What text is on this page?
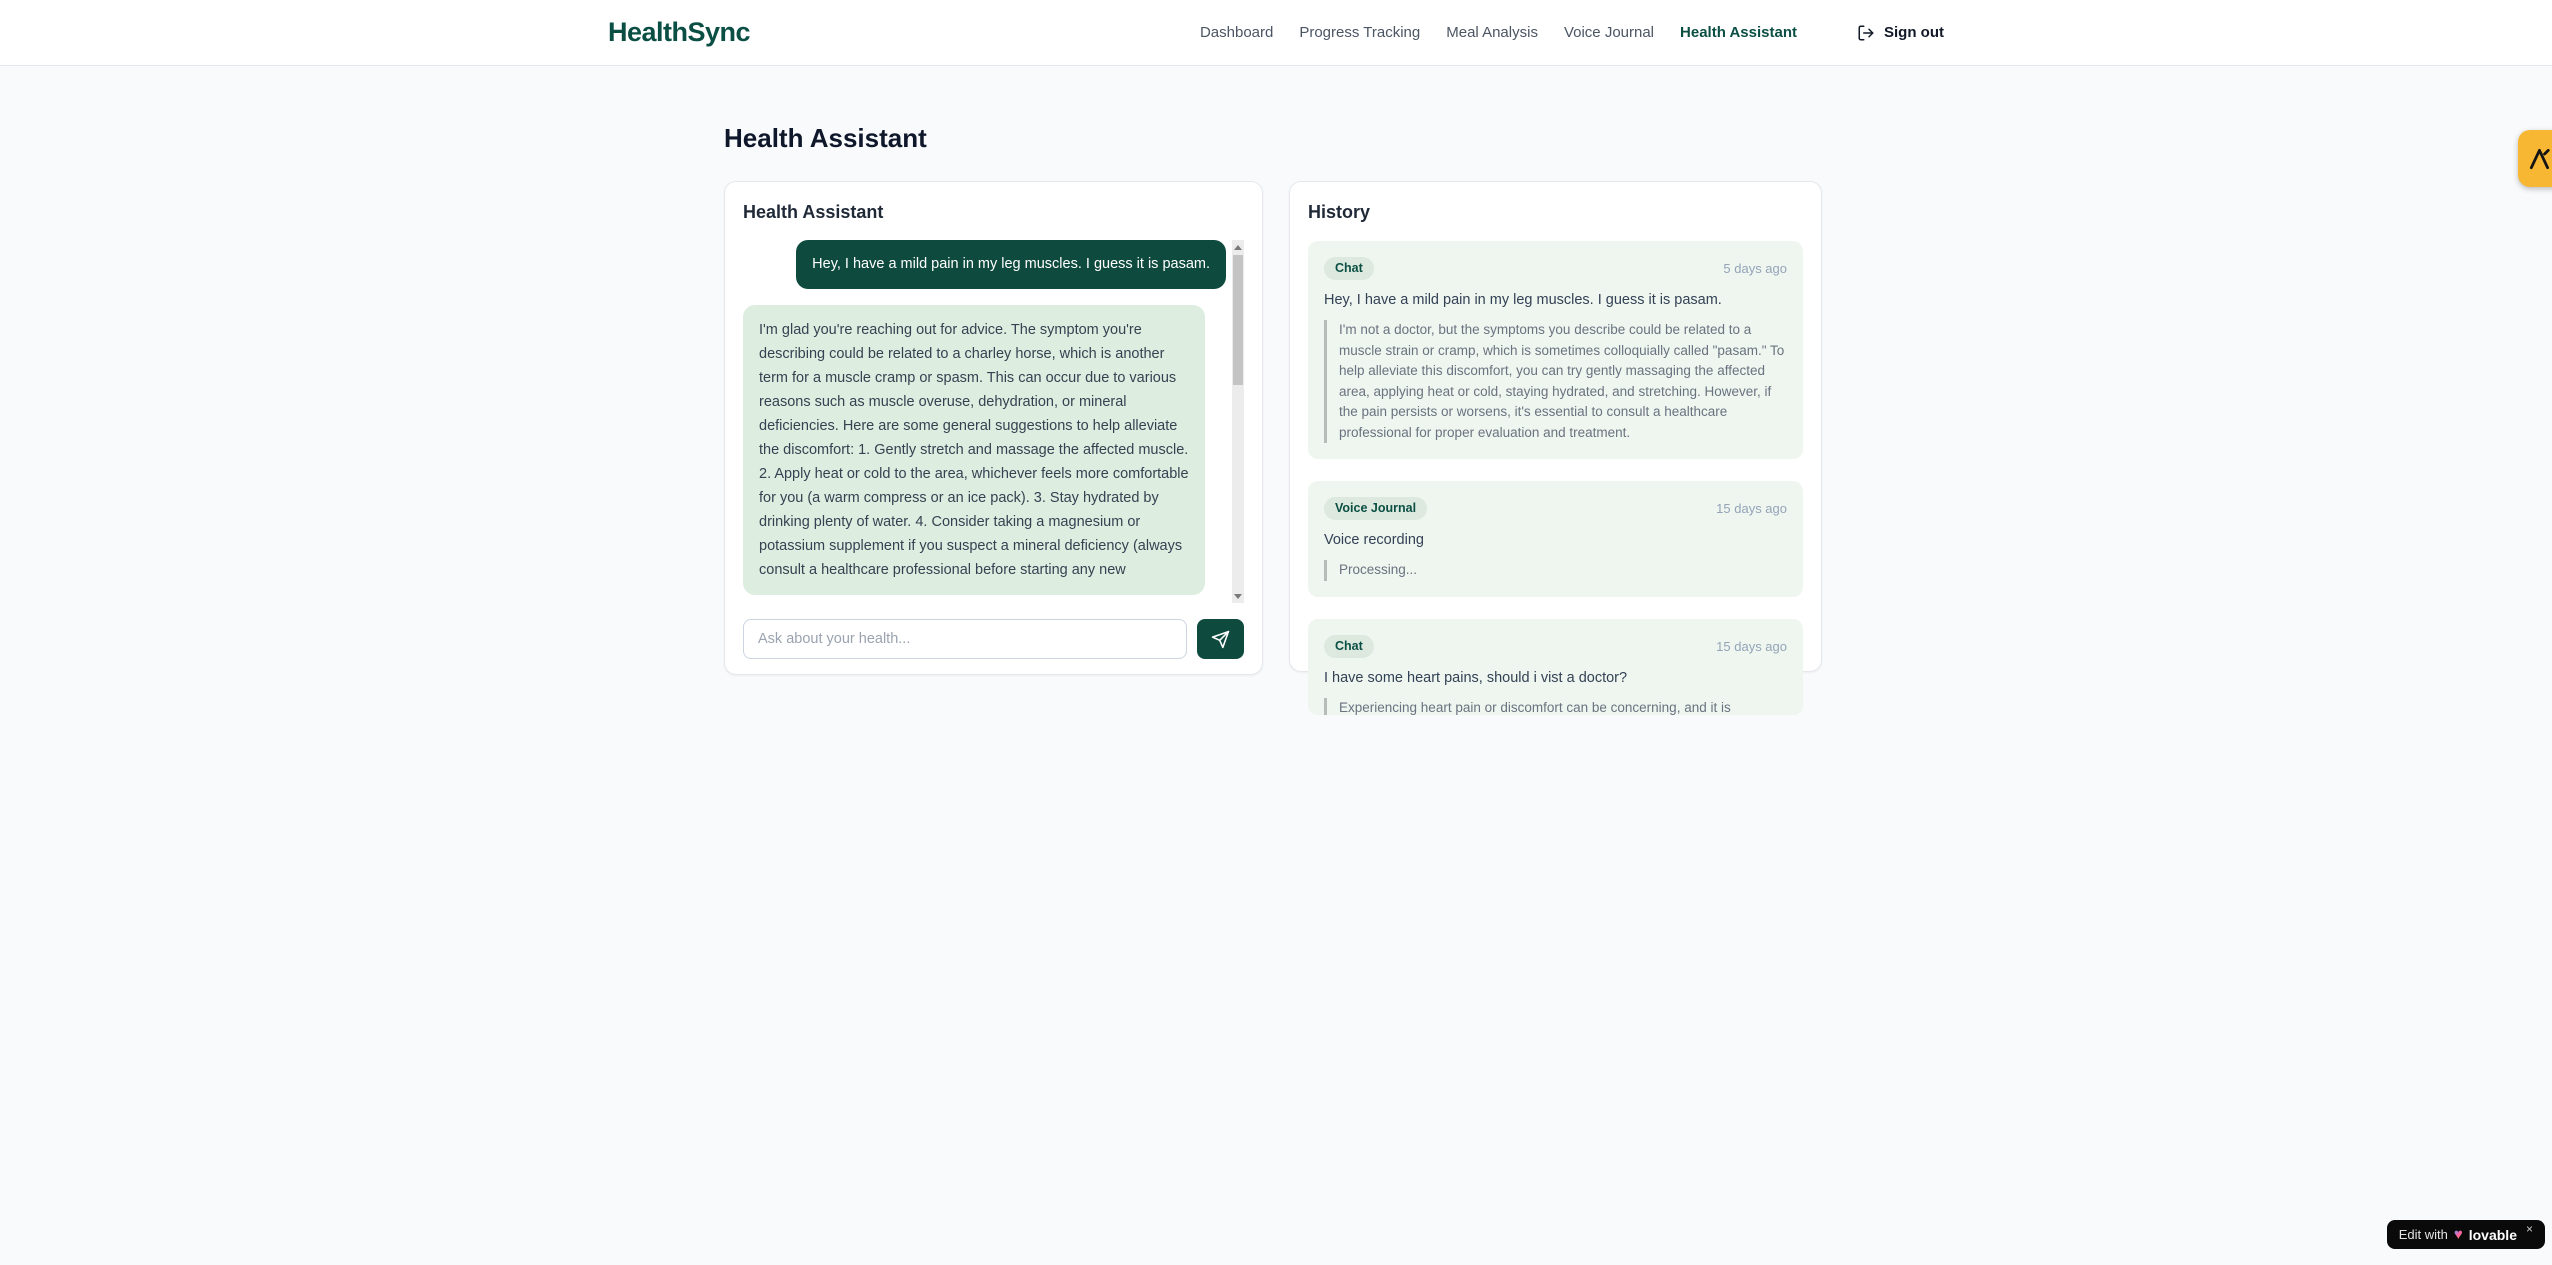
HealthSync	Dashboard Progress Tracking Meal Analysis Voice Journal Health Assistant	Sign out
Health Assistant
Health Assistant
Hey, I have a mild pain in my leg muscles. I guess it is pasam.
I'm glad you're reaching out for advice. The symptom you're describing could be related to a charley horse, which is another term for a muscle cramp or spasm. This can occur due to various reasons such as muscle overuse, dehydration, or mineral deficiencies. Here are some general suggestions to help alleviate the discomfort: 1. Gently stretch and massage the affected muscle. 2. Apply heat or cold to the area, whichever feels more comfortable for you (a warm compress or an ice pack). 3. Stay hydrated by drinking plenty of water. 4. Consider taking a magnesium or potassium supplement if you suspect a mineral deficiency (always consult a healthcare professional before starting any new
Ask about your health...
History
Chat	5 days ago

Hey, I have a mild pain in my leg muscles. I guess it is pasam.

I'm not a doctor, but the symptoms you describe could be related to a muscle strain or cramp, which is sometimes colloquially called "pasam." To help alleviate this discomfort, you can try gently massaging the affected area, applying heat or cold, staying hydrated, and stretching. However, if the pain persists or worsens, it's essential to consult a healthcare professional for proper evaluation and treatment.
Voice Journal	15 days ago

Voice recording

Processing...
Chat	15 days ago

I have some heart pains, should i vist a doctor?

Experiencing heart pain or discomfort can be concerning, and it is
Edit with ♥ lovable ×
